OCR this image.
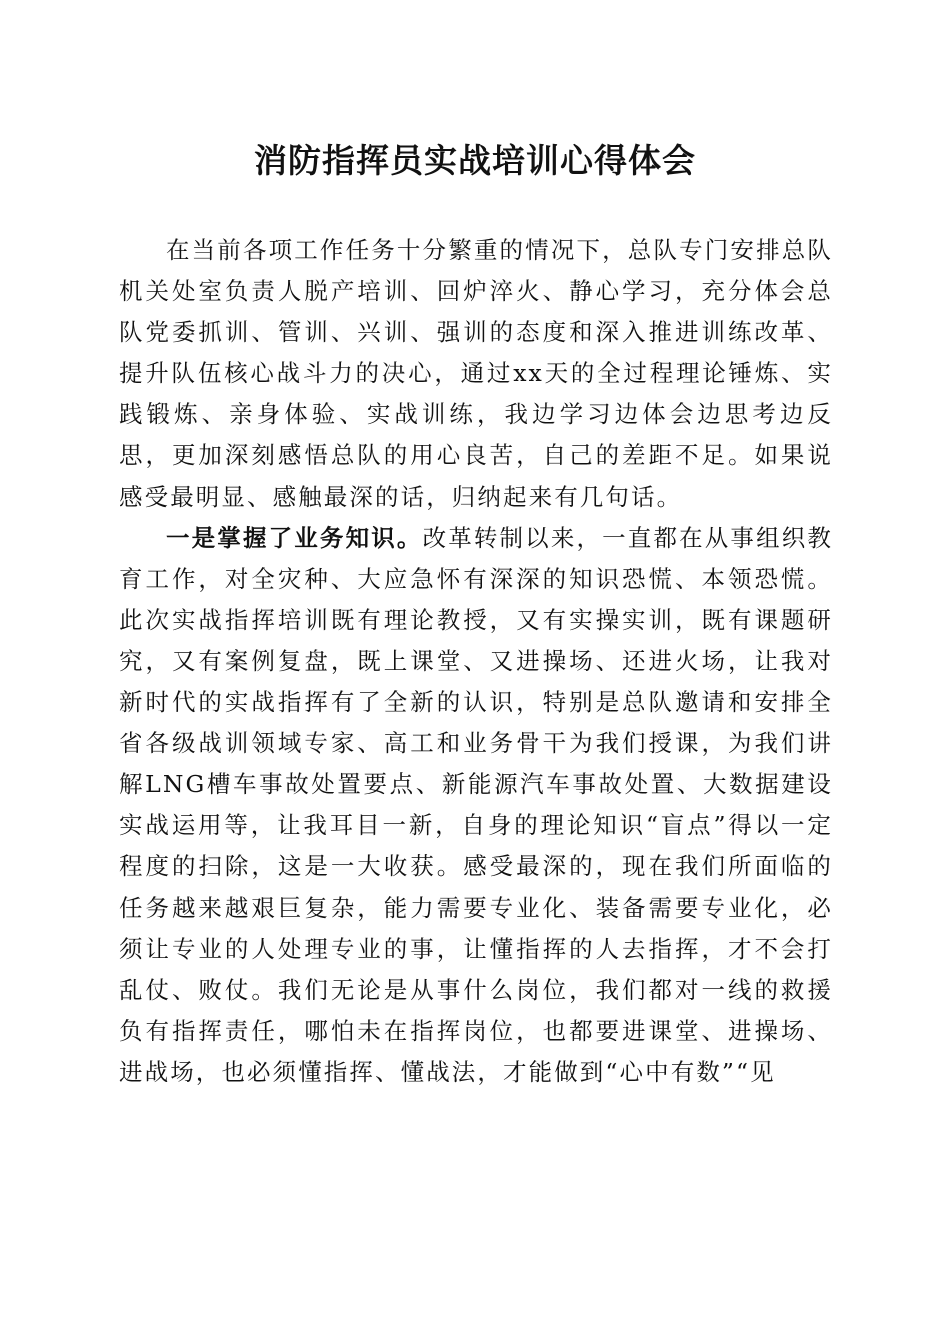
消防指挥员实战培训心得体会

在当前各项工作任务十分繁重的情况下，总队专门安排总队机关处室负责人脱产培训、回炉淬火、静心学习，充分体会总队党委抓训、管训、兴训、强训的态度和深入推进训练改革、提升队伍核心战斗力的决心，通过xx天的全过程理论锤炼、实践锻炼、亲身体验、实战训练，我边学习边体会边思考边反思，更加深刻感悟总队的用心良苦，自己的差距不足。如果说感受最明显、感触最深的话，归纳起来有几句话。

一是掌握了业务知识。改革转制以来，一直都在从事组织教育工作，对全灾种、大应急怀有深深的知识恐慌、本领恐慌。此次实战指挥培训既有理论教授，又有实操实训，既有课题研究，又有案例复盘，既上课堂、又进操场、还进火场，让我对新时代的实战指挥有了全新的认识，特别是总队邀请和安排全省各级战训领域专家、高工和业务骨干为我们授课，为我们讲解LNG槽车事故处置要点、新能源汽车事故处置、大数据建设实战运用等，让我耳目一新，自身的理论知识“盲点”得以一定程度的扫除，这是一大收获。感受最深的，现在我们所面临的任务越来越艰巨复杂，能力需要专业化、装备需要专业化，必须让专业的人处理专业的事，让懂指挥的人去指挥，才不会打乱仗、败仗。我们无论是从事什么岗位，我们都对一线的救援负有指挥责任，哪怕未在指挥岗位，也都要进课堂、进操场、进战场，也必须懂指挥、懂战法，才能做到“心中有数”“见
